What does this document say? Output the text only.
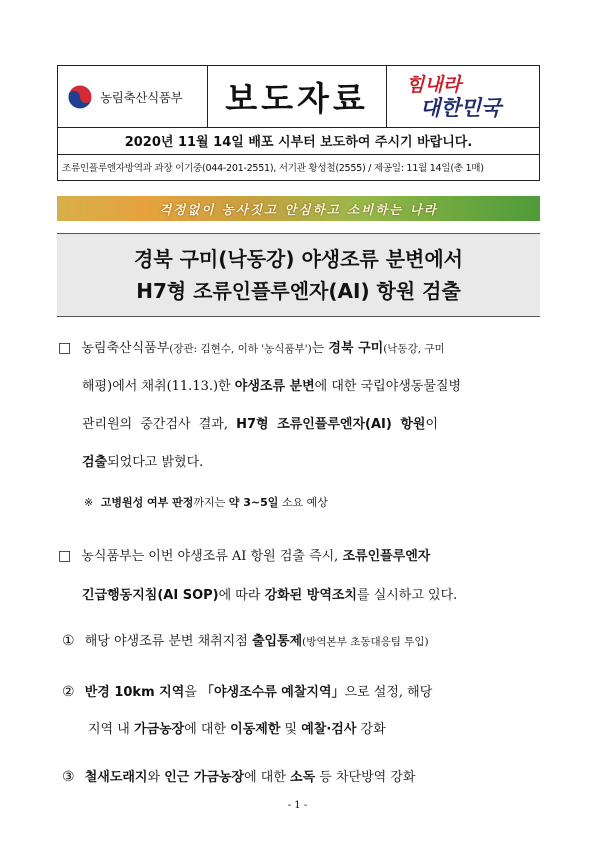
농림축산식품부	보도자료	힘내라
대한민국
2020년 11월 14일 배포 시부터 보도하여 주시기 바랍니다.
조류인플루엔자방역과 과장 이기중(044-201-2551), 서기관 황성철(2555) / 제공일: 11월 14일(총 1매)
걱정없이 농사짓고 안심하고 소비하는 나라
경북 구미(낙동강) 야생조류 분변에서
H7형 조류인플루엔자(AI) 항원 검출
□ 농림축산식품부(장관: 김현수, 이하 '농식품부')는 경북 구미(낙동강, 구미
해평)에서 채취(11.13.)한 야생조류 분변에 대한 국립야생동물질병
관리원의 중간검사 결과, H7형 조류인플루엔자(AI) 항원이
검출되었다고 밝혔다.
※ 고병원성 여부 판정까지는 약 3~5일 소요 예상
□ 농식품부는 이번 야생조류 AI 항원 검출 즉시, 조류인플루엔자
긴급행동지침(AI SOP)에 따라 강화된 방역조치를 실시하고 있다.
① 해당 야생조류 분변 채취지점 출입통제(방역본부 초동대응팀 투입)
② 반경 10km 지역을 「야생조수류 예찰지역」으로 설정, 해당
지역 내 가금농장에 대한 이동제한 및 예찰·검사 강화
③ 철새도래지와 인근 가금농장에 대한 소독 등 차단방역 강화
- 1 -
